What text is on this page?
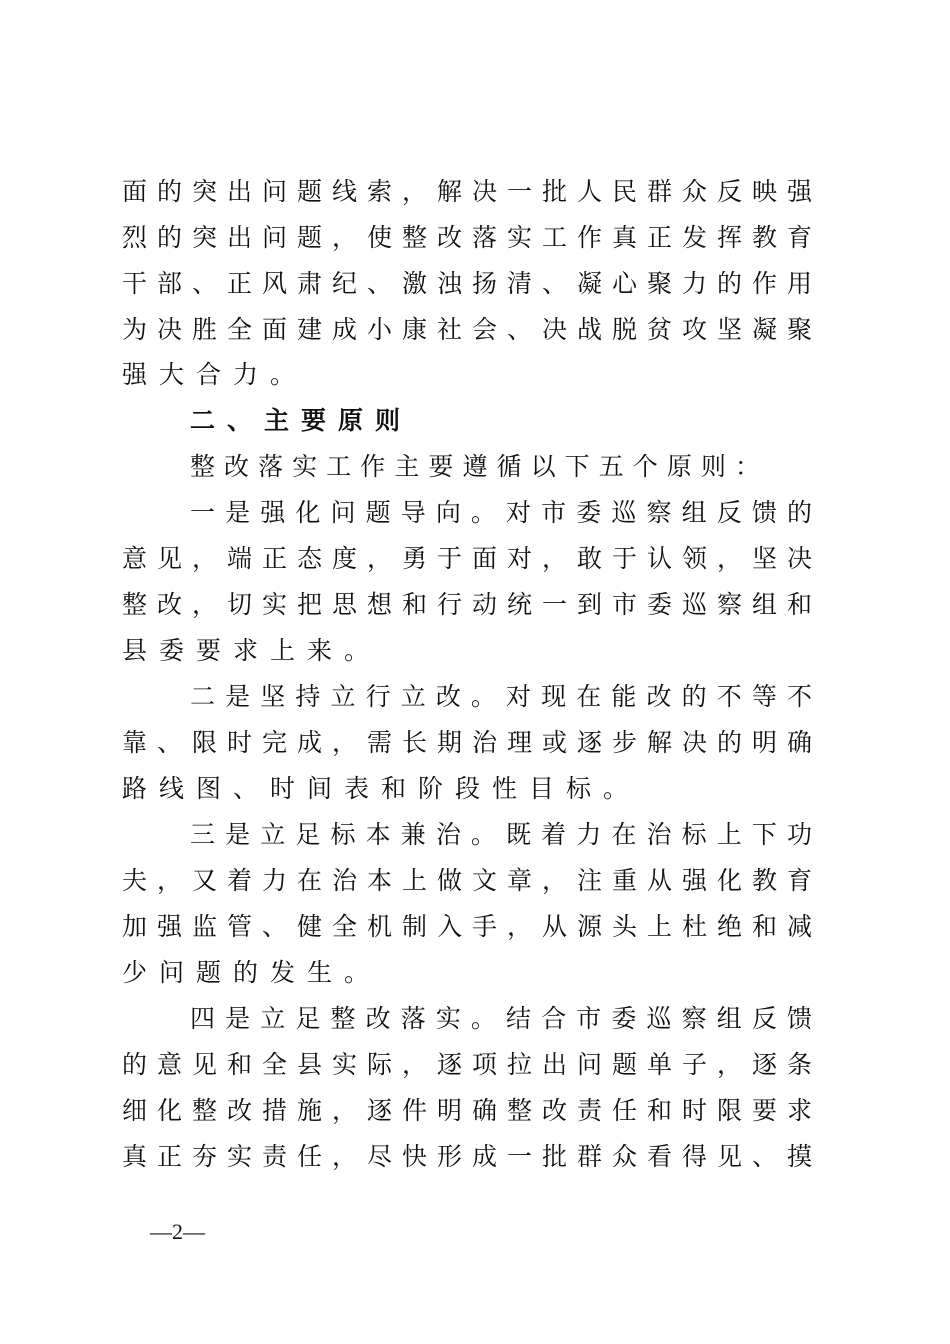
面的突出问题线索，解决一批人民群众反映强
烈的突出问题，使整改落实工作真正发挥教育
干部、正风肃纪、激浊扬清、凝心聚力的作用
为决胜全面建成小康社会、决战脱贫攻坚凝聚
强大合力。
二、主要原则
整改落实工作主要遵循以下五个原则：
一是强化问题导向。对市委巡察组反馈的
意见，端正态度，勇于面对，敢于认领，坚决
整改，切实把思想和行动统一到市委巡察组和
县委要求上来。
二是坚持立行立改。对现在能改的不等不
靠、限时完成，需长期治理或逐步解决的明确
路线图、时间表和阶段性目标。
三是立足标本兼治。既着力在治标上下功
夫，又着力在治本上做文章，注重从强化教育
加强监管、健全机制入手，从源头上杜绝和减
少问题的发生。
四是立足整改落实。结合市委巡察组反馈
的意见和全县实际，逐项拉出问题单子，逐条
细化整改措施，逐件明确整改责任和时限要求
真正夯实责任，尽快形成一批群众看得见、摸
—2—
